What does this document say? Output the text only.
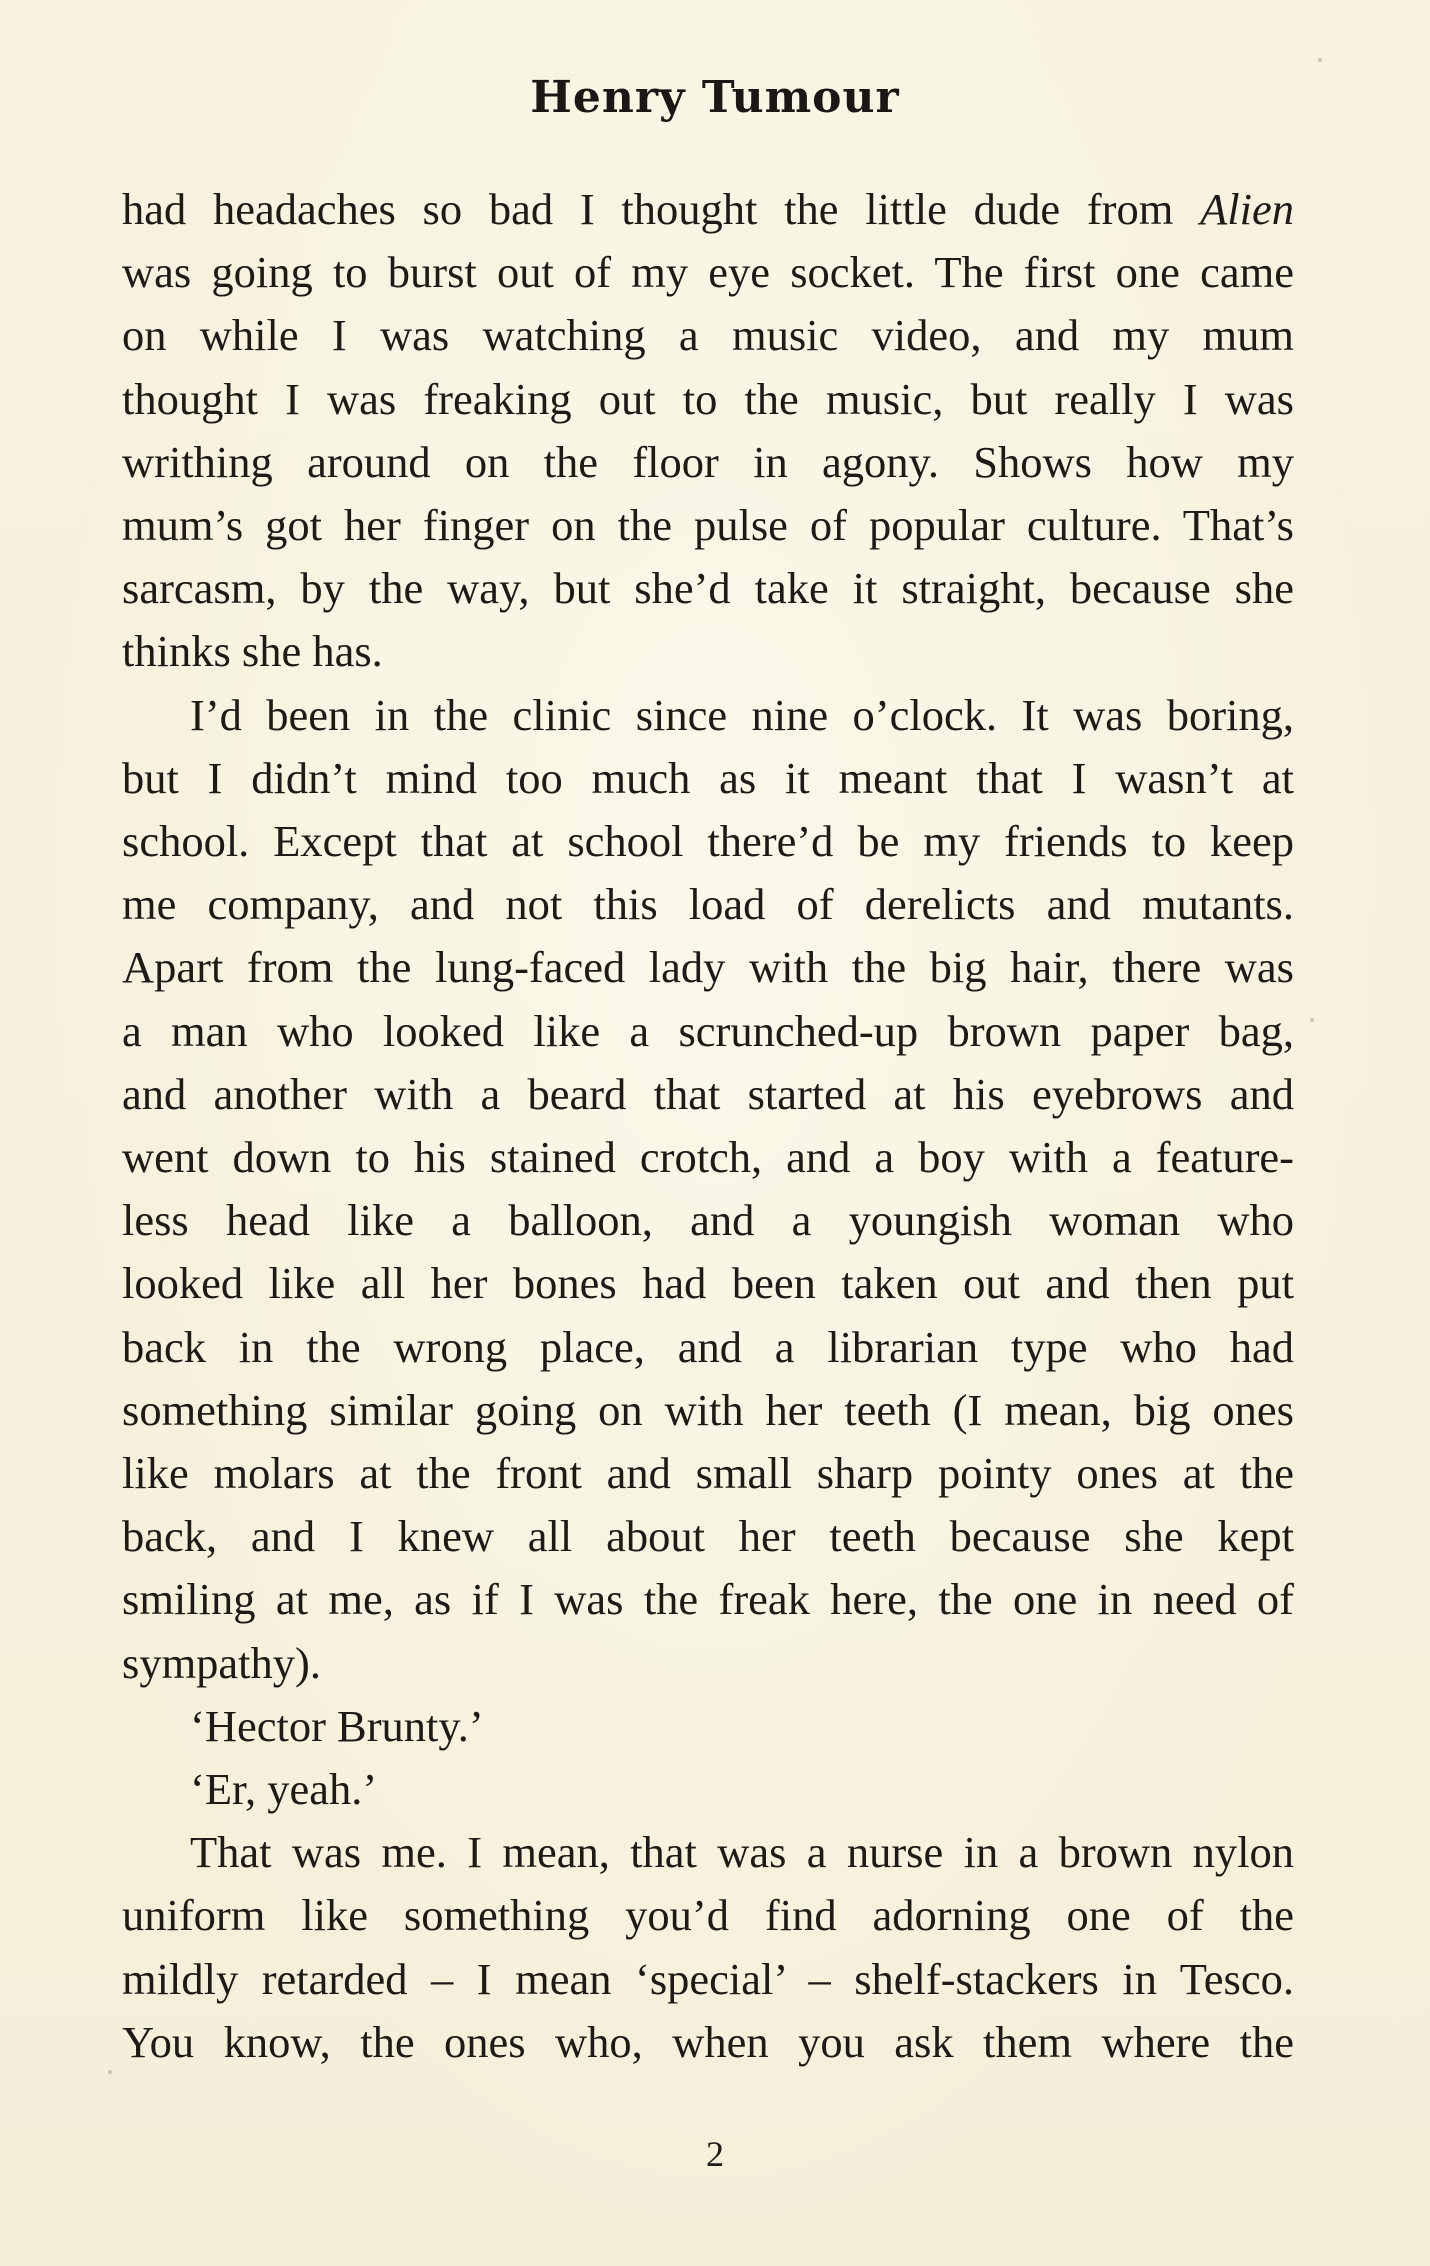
Henry Tumour
had headaches so bad I thought the little dude from Alien
was going to burst out of my eye socket. The first one came
on while I was watching a music video, and my mum
thought I was freaking out to the music, but really I was
writhing around on the floor in agony. Shows how my
mum’s got her finger on the pulse of popular culture. That’s
sarcasm, by the way, but she’d take it straight, because she
thinks she has.
I’d been in the clinic since nine o’clock. It was boring,
but I didn’t mind too much as it meant that I wasn’t at
school. Except that at school there’d be my friends to keep
me company, and not this load of derelicts and mutants.
Apart from the lung-faced lady with the big hair, there was
a man who looked like a scrunched-up brown paper bag,
and another with a beard that started at his eyebrows and
went down to his stained crotch, and a boy with a feature-
less head like a balloon, and a youngish woman who
looked like all her bones had been taken out and then put
back in the wrong place, and a librarian type who had
something similar going on with her teeth (I mean, big ones
like molars at the front and small sharp pointy ones at the
back, and I knew all about her teeth because she kept
smiling at me, as if I was the freak here, the one in need of
sympathy).
‘Hector Brunty.’
‘Er, yeah.’
That was me. I mean, that was a nurse in a brown nylon
uniform like something you’d find adorning one of the
mildly retarded – I mean ‘special’ – shelf-stackers in Tesco.
You know, the ones who, when you ask them where the
2
